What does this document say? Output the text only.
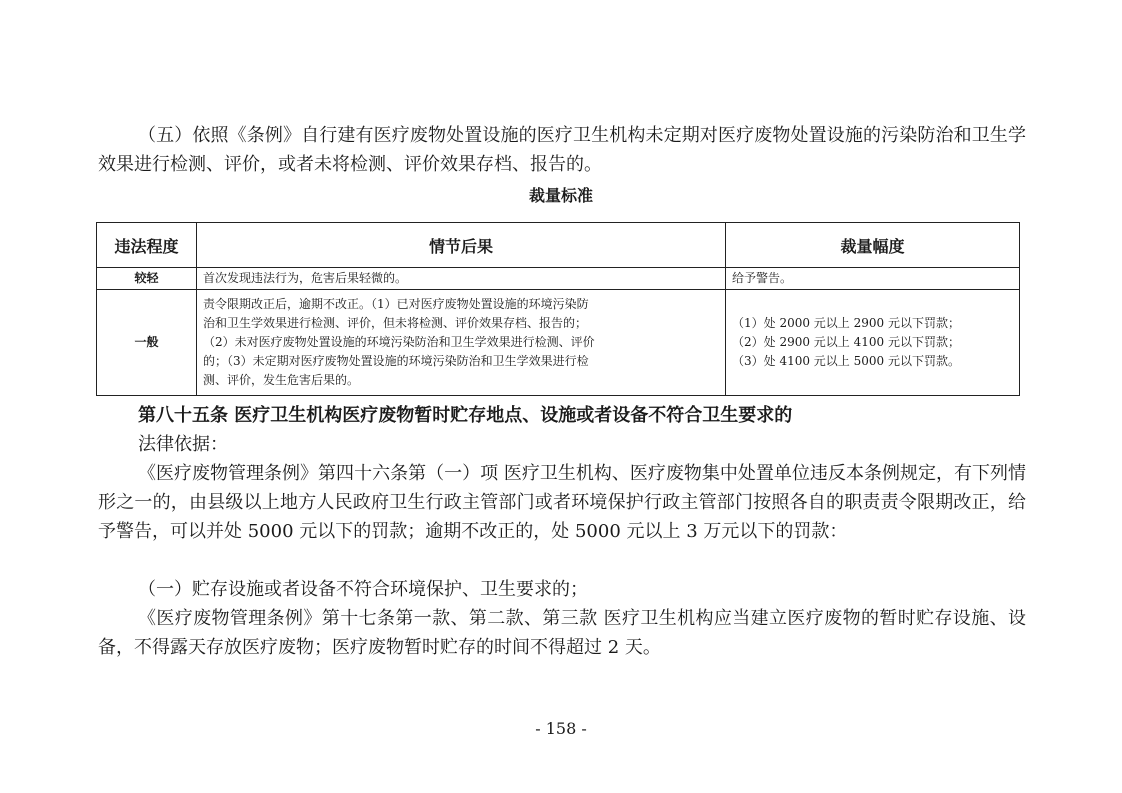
（五）依照《条例》自行建有医疗废物处置设施的医疗卫生机构未定期对医疗废物处置设施的污染防治和卫生学效果进行检测、评价，或者未将检测、评价效果存档、报告的。

裁量标准
违法程度	情节后果	裁量幅度
较轻	首次发现违法行为，危害后果轻微的。	给予警告。

一般	责令限期改正后，逾期不改正。（1）已对医疗废物处置设施的环境污染防
治和卫生学效果进行检测、评价，但未将检测、评价效果存档、报告的；
（2）未对医疗废物处置设施的环境污染防治和卫生学效果进行检测、评价
的；（3）未定期对医疗废物处置设施的环境污染防治和卫生学效果进行检
测、评价，发生危害后果的。	（1）处 2000 元以上 2900 元以下罚款；
（2）处 2900 元以上 4100 元以下罚款；
（3）处 4100 元以上 5000 元以下罚款。

第八十五条 医疗卫生机构医疗废物暂时贮存地点、设施或者设备不符合卫生要求的

法律依据：

《医疗废物管理条例》第四十六条第（一）项 医疗卫生机构、医疗废物集中处置单位违反本条例规定，有下列情形之一的，由县级以上地方人民政府卫生行政主管部门或者环境保护行政主管部门按照各自的职责责令限期改正，给予警告，可以并处 5000 元以下的罚款；逾期不改正的，处 5000 元以上 3 万元以下的罚款：

（一）贮存设施或者设备不符合环境保护、卫生要求的；

《医疗废物管理条例》第十七条第一款、第二款、第三款 医疗卫生机构应当建立医疗废物的暂时贮存设施、设备，不得露天存放医疗废物；医疗废物暂时贮存的时间不得超过 2 天。

- 158 -
